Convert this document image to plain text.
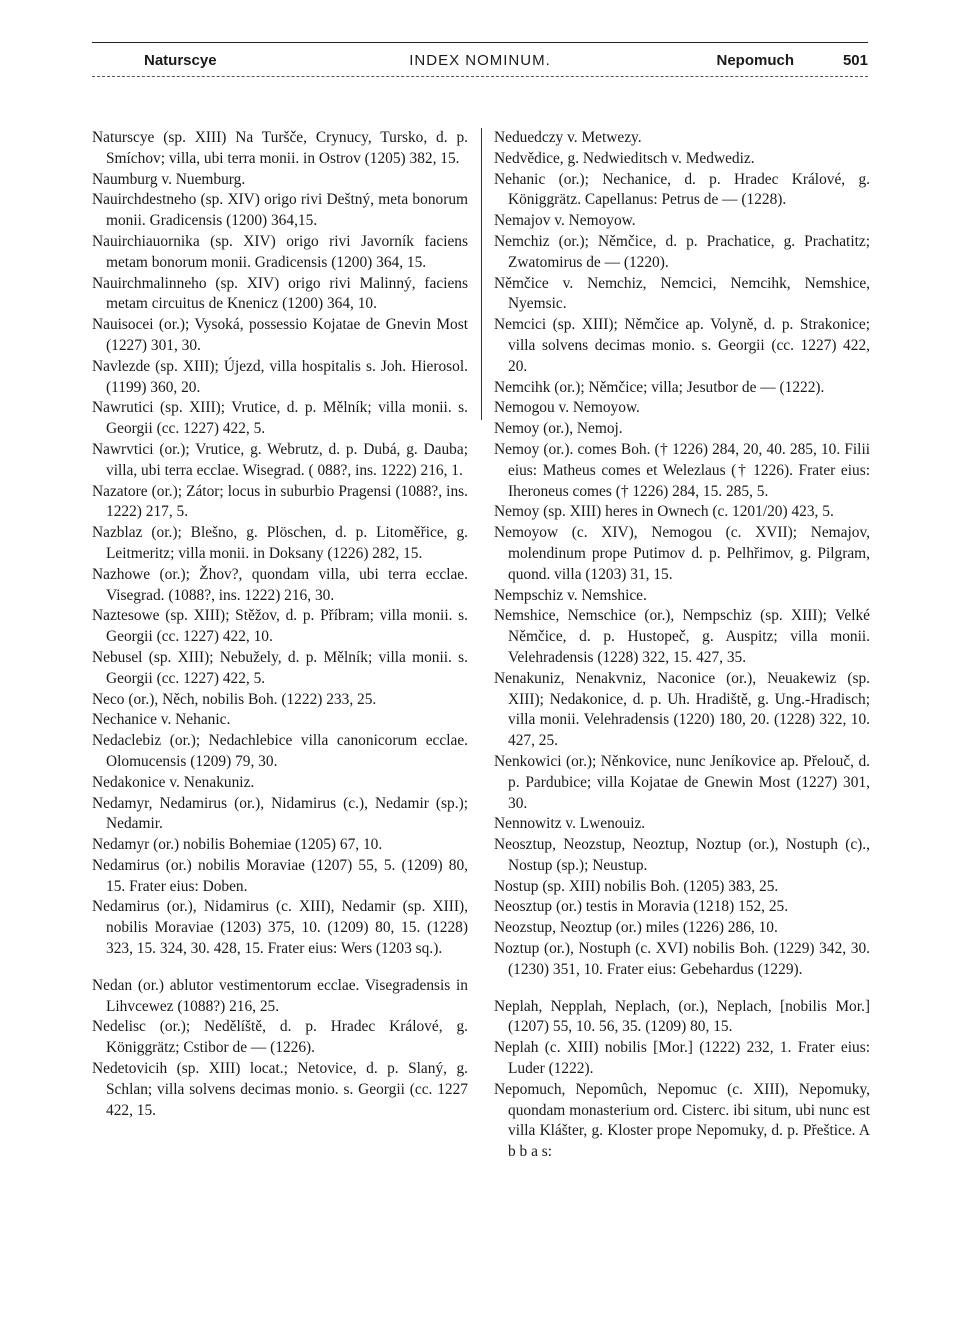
Naturscye	INDEX NOMINUM.	Nepomuch	501
Naturscye (sp. XIII) Na Turšče, Crynucy, Tursko, d. p. Smíchov; villa, ubi terra monii. in Ostrov (1205) 382, 15.
Naumburg v. Nuemburg.
Nauirchdestneho (sp. XIV) origo rivi Deštný, meta bonorum monii. Gradicensis (1200) 364,15.
Nauirchiauornika (sp. XIV) origo rivi Javorník faciens metam bonorum monii. Gradicensis (1200) 364, 15.
Nauirchmalinneho (sp. XIV) origo rivi Malinný, faciens metam circuitus de Knenicz (1200) 364, 10.
Nauisocei (or.); Vysoká, possessio Kojatae de Gnevin Most (1227) 301, 30.
Navlezde (sp. XIII); Újezd, villa hospitalis s. Joh. Hierosol. (1199) 360, 20.
Nawrutici (sp. XIII); Vrutice, d. p. Mělník; villa monii. s. Georgii (cc. 1227) 422, 5.
Nawrvtici (or.); Vrutice, g. Webrutz, d. p. Dubá, g. Dauba; villa, ubi terra ecclae. Wisegrad. ( 088?, ins. 1222) 216, 1.
Nazatore (or.); Zátor; locus in suburbio Pragensi (1088?, ins. 1222) 217, 5.
Nazblaz (or.); Blešno, g. Plöschen, d. p. Litoměřice, g. Leitmeritz; villa monii. in Doksany (1226) 282, 15.
Nazhowe (or.); Žhov?, quondam villa, ubi terra ecclae. Visegrad. (1088?, ins. 1222) 216, 30.
Naztesowe (sp. XIII); Stěžov, d. p. Příbram; villa monii. s. Georgii (cc. 1227) 422, 10.
Nebusel (sp. XIII); Nebužely, d. p. Mělník; villa monii. s. Georgii (cc. 1227) 422, 5.
Neco (or.), Něch, nobilis Boh. (1222) 233, 25.
Nechanice v. Nehanic.
Nedaclebiz (or.); Nedachlebice villa canonicorum ecclae. Olomucensis (1209) 79, 30.
Nedakonice v. Nenakuniz.
Nedamyr, Nedamirus (or.), Nidamirus (c.), Nedamir (sp.); Nedamir.
Nedamyr (or.) nobilis Bohemiae (1205) 67, 10.
Nedamirus (or.) nobilis Moraviae (1207) 55, 5. (1209) 80, 15. Frater eius: Doben.
Nedamirus (or.), Nidamirus (c. XIII), Nedamir (sp. XIII), nobilis Moraviae (1203) 375, 10. (1209) 80, 15. (1228) 323, 15. 324, 30. 428, 15. Frater eius: Wers (1203 sq.).
Nedan (or.) ablutor vestimentorum ecclae. Visegradensis in Lihvcewez (1088?) 216, 25.
Nedelisc (or.); Nedělíště, d. p. Hradec Králové, g. Königgrätz; Cstibor de — (1226).
Nedetovicih (sp. XIII) locat.; Netovice, d. p. Slaný, g. Schlan; villa solvens decimas monio. s. Georgii (cc. 1227 422, 15.
Neduedczy v. Metwezy.
Nedvědice, g. Nedwieditsch v. Medwediz.
Nehanic (or.); Nechanice, d. p. Hradec Králové, g. Königgrätz. Capellanus: Petrus de — (1228).
Nemajov v. Nemoyow.
Nemchiz (or.); Němčice, d. p. Prachatice, g. Prachatitz; Zwatomirus de — (1220).
Němčice v. Nemchiz, Nemcici, Nemcihk, Nemshice, Nyemsic.
Nemcici (sp. XIII); Němčice ap. Volyně, d. p. Strakonice; villa solvens decimas monio. s. Georgii (cc. 1227) 422, 20.
Nemcihk (or.); Němčice; villa; Jesutbor de — (1222).
Nemogou v. Nemoyow.
Nemoy (or.), Nemoj.
Nemoy (or.). comes Boh. († 1226) 284, 20, 40. 285, 10. Filii eius: Matheus comes et Welezlaus († 1226). Frater eius: Iheroneus comes († 1226) 284, 15. 285, 5.
Nemoy (sp. XIII) heres in Ownech (c. 1201/20) 423, 5.
Nemoyow (c. XIV), Nemogou (c. XVII); Nemajov, molendinum prope Putimov d. p. Pelhřimov, g. Pilgram, quond. villa (1203) 31, 15.
Nempschiz v. Nemshice.
Nemshice, Nemschice (or.), Nempschiz (sp. XIII); Velké Němčice, d. p. Hustopeč, g. Auspitz; villa monii. Velehradensis (1228) 322, 15. 427, 35.
Nenakuniz, Nenakvniz, Naconice (or.), Neuakewiz (sp. XIII); Nedakonice, d. p. Uh. Hradiště, g. Ung.-Hradisch; villa monii. Velehradensis (1220) 180, 20. (1228) 322, 10. 427, 25.
Nenkowici (or.); Něnkovice, nunc Jeníkovice ap. Přelouč, d. p. Pardubice; villa Kojatae de Gnewin Most (1227) 301, 30.
Nennowitz v. Lwenouiz.
Neosztup, Neozstup, Neoztup, Noztup (or.), Nostuph (c)., Nostup (sp.); Neustup.
Nostup (sp. XIII) nobilis Boh. (1205) 383, 25.
Neosztup (or.) testis in Moravia (1218) 152, 25.
Neozstup, Neoztup (or.) miles (1226) 286, 10.
Noztup (or.), Nostuph (c. XVI) nobilis Boh. (1229) 342, 30. (1230) 351, 10. Frater eius: Gebehardus (1229).
Neplah, Nepplah, Neplach, (or.), Neplach, [nobilis Mor.] (1207) 55, 10. 56, 35. (1209) 80, 15.
Neplah (c. XIII) nobilis [Mor.] (1222) 232, 1. Frater eius: Luder (1222).
Nepomuch, Nepomûch, Nepomuc (c. XIII), Nepomuky, quondam monasterium ord. Cisterc. ibi situm, ubi nunc est villa Klášter, g. Kloster prope Nepomuky, d. p. Přeštice. A b b a s:
